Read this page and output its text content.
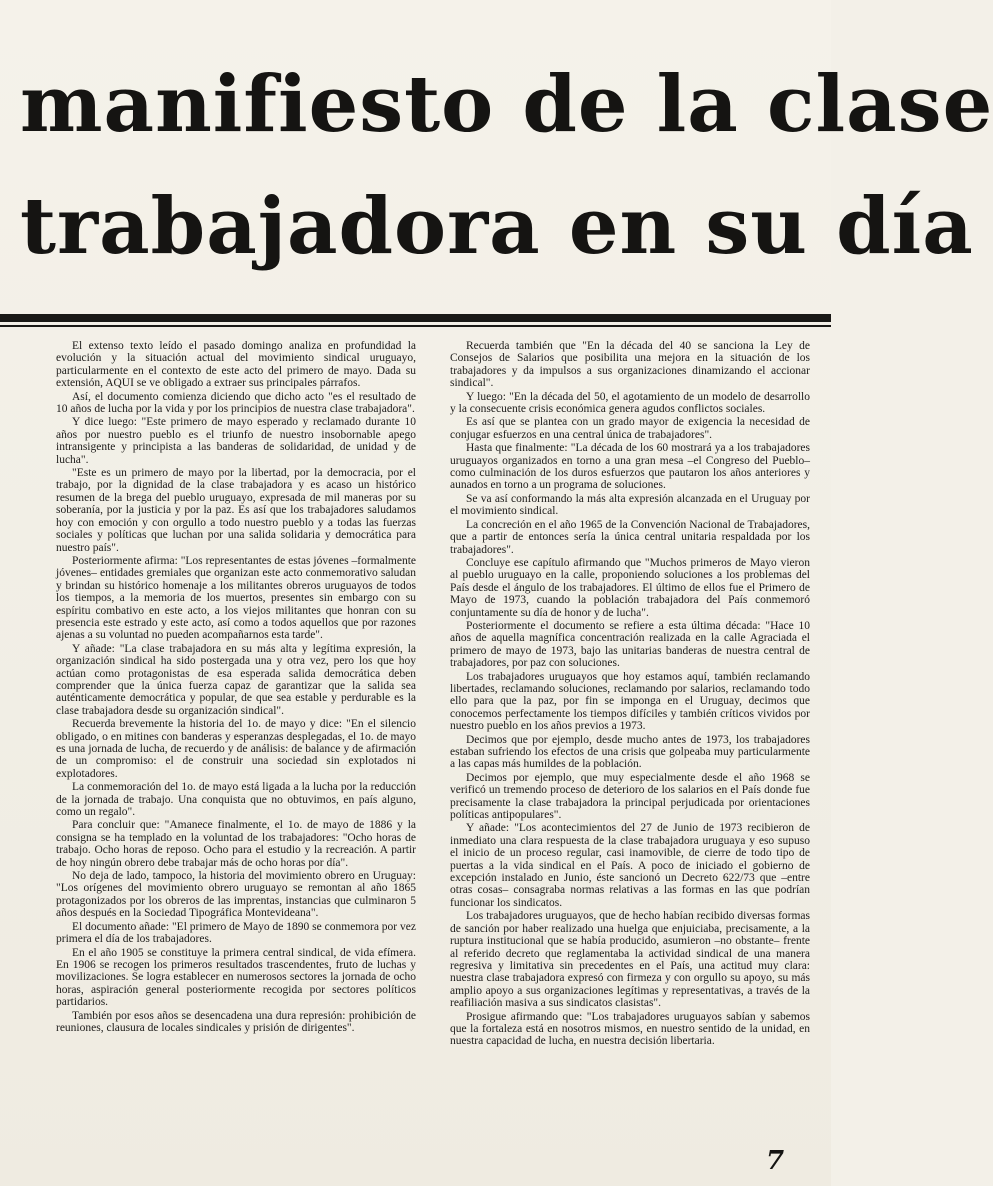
manifiesto de la clase
trabajadora en su día

El extenso texto leído el pasado domingo analiza en profundidad la evolución y la situación actual del movimiento sindical uruguayo, particularmente en el contexto de este acto del primero de mayo. Dada su extensión, AQUI se ve obligado a extraer sus principales párrafos.

Así, el documento comienza diciendo que dicho acto "es el resultado de 10 años de lucha por la vida y por los principios de nuestra clase trabajadora".

Y dice luego: "Este primero de mayo esperado y reclamado durante 10 años por nuestro pueblo es el triunfo de nuestro insobornable apego intransigente y principista a las banderas de solidaridad, de unidad y de lucha".

"Este es un primero de mayo por la libertad, por la democracia, por el trabajo, por la dignidad de la clase trabajadora y es acaso un histórico resumen de la brega del pueblo uruguayo, expresada de mil maneras por su soberanía, por la justicia y por la paz. Es así que los trabajadores saludamos hoy con emoción y con orgullo a todo nuestro pueblo y a todas las fuerzas sociales y políticas que luchan por una salida solidaria y democrática para nuestro país".

Posteriormente afirma: "Los representantes de estas jóvenes –formalmente jóvenes– entidades gremiales que organizan este acto conmemorativo saludan y brindan su histórico homenaje a los militantes obreros uruguayos de todos los tiempos, a la memoria de los muertos, presentes sin embargo con su espíritu combativo en este acto, a los viejos militantes que honran con su presencia este estrado y este acto, así como a todos aquellos que por razones ajenas a su voluntad no pueden acompañarnos esta tarde".

Y añade: "La clase trabajadora en su más alta y legítima expresión, la organización sindical ha sido postergada una y otra vez, pero los que hoy actúan como protagonistas de esa esperada salida democrática deben comprender que la única fuerza capaz de garantizar que la salida sea auténticamente democrática y popular, de que sea estable y perdurable es la clase trabajadora desde su organización sindical".

Recuerda brevemente la historia del 1o. de mayo y dice: "En el silencio obligado, o en mitines con banderas y esperanzas desplegadas, el 1o. de mayo es una jornada de lucha, de recuerdo y de análisis: de balance y de afirmación de un compromiso: el de construir una sociedad sin explotados ni explotadores.

La conmemoración del 1o. de mayo está ligada a la lucha por la reducción de la jornada de trabajo. Una conquista que no obtuvimos, en país alguno, como un regalo".

Para concluir que: "Amanece finalmente, el 1o. de mayo de 1886 y la consigna se ha templado en la voluntad de los trabajadores: "Ocho horas de trabajo. Ocho horas de reposo. Ocho para el estudio y la recreación. A partir de hoy ningún obrero debe trabajar más de ocho horas por día".

No deja de lado, tampoco, la historia del movimiento obrero en Uruguay: "Los orígenes del movimiento obrero uruguayo se remontan al año 1865 protagonizados por los obreros de las imprentas, instancias que culminaron 5 años después en la Sociedad Tipográfica Montevideana".

El documento añade: "El primero de Mayo de 1890 se conmemora por vez primera el día de los trabajadores.

En el año 1905 se constituye la primera central sindical, de vida efímera. En 1906 se recogen los primeros resultados trascendentes, fruto de luchas y movilizaciones. Se logra establecer en numerosos sectores la jornada de ocho horas, aspiración general posteriormente recogida por sectores políticos partidarios.

También por esos años se desencadena una dura represión: prohibición de reuniones, clausura de locales sindicales y prisión de dirigentes".

Recuerda también que "En la década del 40 se sanciona la Ley de Consejos de Salarios que posibilita una mejora en la situación de los trabajadores y da impulsos a sus organizaciones dinamizando el accionar sindical".

Y luego: "En la década del 50, el agotamiento de un modelo de desarrollo y la consecuente crisis económica genera agudos conflictos sociales.

Es así que se plantea con un grado mayor de exigencia la necesidad de conjugar esfuerzos en una central única de trabajadores".

Hasta que finalmente: "La década de los 60 mostrará ya a los trabajadores uruguayos organizados en torno a una gran mesa –el Congreso del Pueblo– como culminación de los duros esfuerzos que pautaron los años anteriores y aunados en torno a un programa de soluciones.

Se va así conformando la más alta expresión alcanzada en el Uruguay por el movimiento sindical.

La concreción en el año 1965 de la Convención Nacional de Trabajadores, que a partir de entonces sería la única central unitaria respaldada por los trabajadores".

Concluye ese capítulo afirmando que "Muchos primeros de Mayo vieron al pueblo uruguayo en la calle, proponiendo soluciones a los problemas del País desde el ángulo de los trabajadores. El último de ellos fue el Primero de Mayo de 1973, cuando la población trabajadora del País conmemoró conjuntamente su día de honor y de lucha".

Posteriormente el documento se refiere a esta última década: "Hace 10 años de aquella magnífica concentración realizada en la calle Agraciada el primero de mayo de 1973, bajo las unitarias banderas de nuestra central de trabajadores, por paz con soluciones.

Los trabajadores uruguayos que hoy estamos aquí, también reclamando libertades, reclamando soluciones, reclamando por salarios, reclamando todo ello para que la paz, por fin se imponga en el Uruguay, decimos que conocemos perfectamente los tiempos difíciles y también críticos vividos por nuestro pueblo en los años previos a 1973.

Decimos que por ejemplo, desde mucho antes de 1973, los trabajadores estaban sufriendo los efectos de una crisis que golpeaba muy particularmente a las capas más humildes de la población.

Decimos por ejemplo, que muy especialmente desde el año 1968 se verificó un tremendo proceso de deterioro de los salarios en el País donde fue precisamente la clase trabajadora la principal perjudicada por orientaciones políticas antipopulares".

Y añade: "Los acontecimientos del 27 de Junio de 1973 recibieron de inmediato una clara respuesta de la clase trabajadora uruguaya y eso supuso el inicio de un proceso regular, casi inamovible, de cierre de todo tipo de puertas a la vida sindical en el País. A poco de iniciado el gobierno de excepción instalado en Junio, éste sancionó un Decreto 622/73 que –entre otras cosas– consagraba normas relativas a las formas en las que podrían funcionar los sindicatos.

Los trabajadores uruguayos, que de hecho habían recibido diversas formas de sanción por haber realizado una huelga que enjuiciaba, precisamente, a la ruptura institucional que se había producido, asumieron –no obstante– frente al referido decreto que reglamentaba la actividad sindical de una manera regresiva y limitativa sin precedentes en el País, una actitud muy clara: nuestra clase trabajadora expresó con firmeza y con orgullo su apoyo, su más amplio apoyo a sus organizaciones legítimas y representativas, a través de la reafiliación masiva a sus sindicatos clasistas".

Prosigue afirmando que: "Los trabajadores uruguayos sabían y sabemos que la fortaleza está en nosotros mismos, en nuestro sentido de la unidad, en nuestra capacidad de lucha, en nuestra decisión libertaria.

7
